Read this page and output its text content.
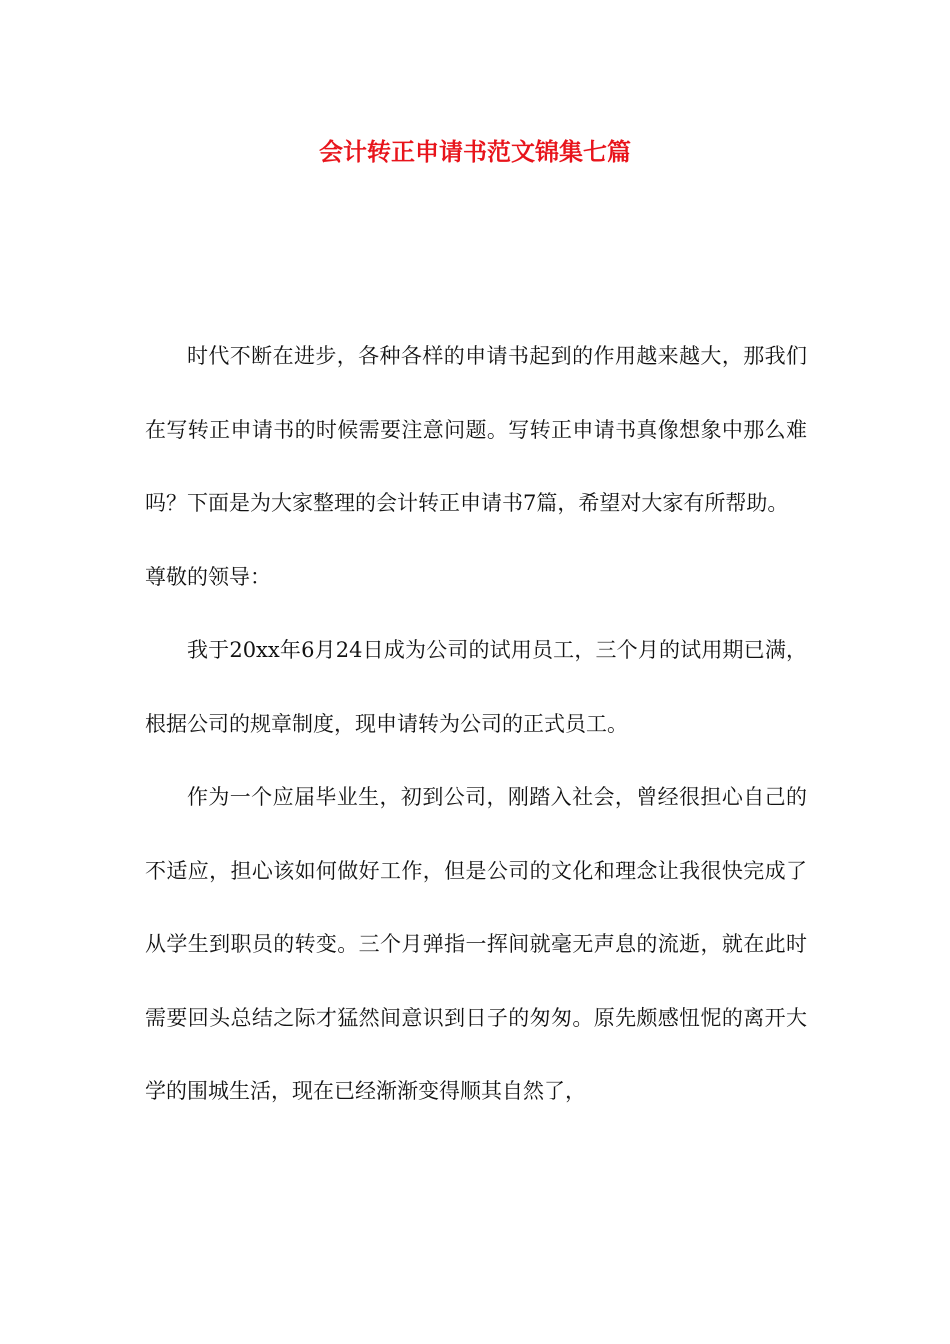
会计转正申请书范文锦集七篇

时代不断在进步，各种各样的申请书起到的作用越来越大，那我们在写转正申请书的时候需要注意问题。写转正申请书真像想象中那么难吗？下面是为大家整理的会计转正申请书7篇，希望对大家有所帮助。

尊敬的领导：

我于20xx年6月24日成为公司的试用员工，三个月的试用期已满，根据公司的规章制度，现申请转为公司的正式员工。

作为一个应届毕业生，初到公司，刚踏入社会，曾经很担心自己的不适应，担心该如何做好工作，但是公司的文化和理念让我很快完成了从学生到职员的转变。三个月弹指一挥间就毫无声息的流逝，就在此时需要回头总结之际才猛然间意识到日子的匆匆。原先颇感忸怩的离开大学的围城生活，现在已经渐渐变得顺其自然了，
